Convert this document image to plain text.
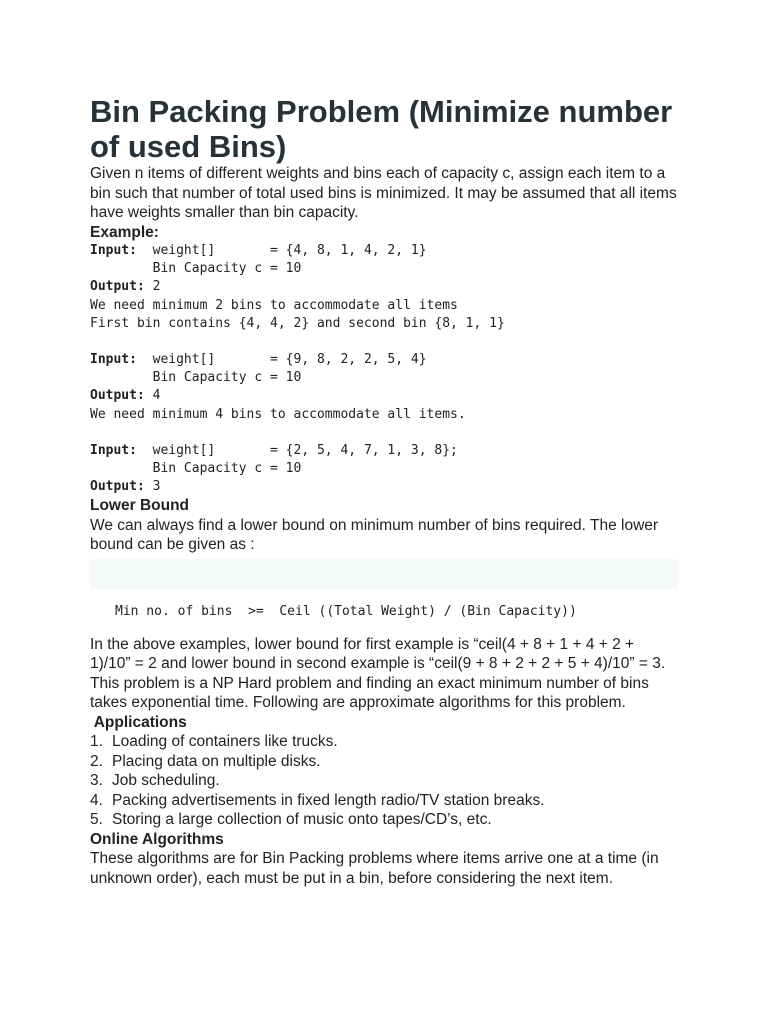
Bin Packing Problem (Minimize number of used Bins)

Given n items of different weights and bins each of capacity c, assign each item to a bin such that number of total used bins is minimized. It may be assumed that all items have weights smaller than bin capacity.

Example:

Input:  weight[]       = {4, 8, 1, 4, 2, 1}
Bin Capacity c = 10
Output: 2
We need minimum 2 bins to accommodate all items
First bin contains {4, 4, 2} and second bin {8, 1, 1}
Input:  weight[]       = {9, 8, 2, 2, 5, 4}
Bin Capacity c = 10
Output: 4
We need minimum 4 bins to accommodate all items.
Input:  weight[]       = {2, 5, 4, 7, 1, 3, 8};
Bin Capacity c = 10
Output: 3

Lower Bound

We can always find a lower bound on minimum number of bins required. The lower bound can be given as :

Min no. of bins  >=  Ceil ((Total Weight) / (Bin Capacity))

In the above examples, lower bound for first example is “ceil(4 + 8 + 1 + 4 + 2 + 1)/10” = 2 and lower bound in second example is “ceil(9 + 8 + 2 + 2 + 5 + 4)/10” = 3.

This problem is a NP Hard problem and finding an exact minimum number of bins takes exponential time. Following are approximate algorithms for this problem.

Applications

1. Loading of containers like trucks.
2. Placing data on multiple disks.
3. Job scheduling.
4. Packing advertisements in fixed length radio/TV station breaks.
5. Storing a large collection of music onto tapes/CD’s, etc.

Online Algorithms

These algorithms are for Bin Packing problems where items arrive one at a time (in unknown order), each must be put in a bin, before considering the next item.
